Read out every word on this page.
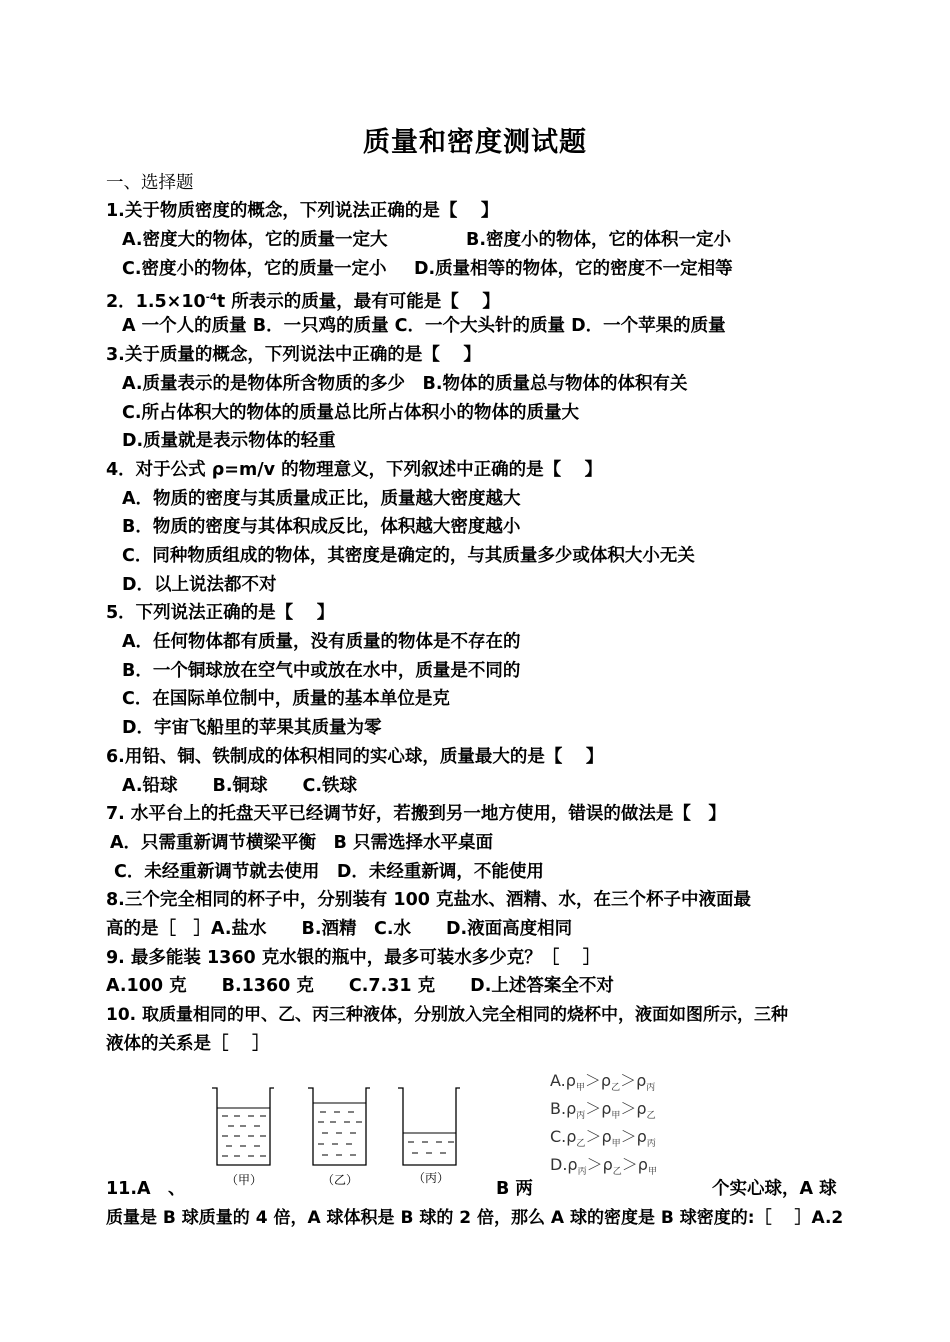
质量和密度测试题
一、选择题
1.关于物质密度的概念，下列说法正确的是【　 】
A.密度大的物体，它的质量一定大	B.密度小的物体，它的体积一定小
C.密度小的物体，它的质量一定小 D.质量相等的物体，它的密度不一定相等
2．$1.5\times 10^{-4}t$ 所表示的质量，最有可能是【　 】
A 一个人的质量 B．一只鸡的质量 C．一个大头针的质量 D．一个苹果的质量
3.关于质量的概念，下列说法中正确的是【　 】
A.质量表示的是物体所含物质的多少　B.物体的质量总与物体的体积有关
C.所占体积大的物体的质量总比所占体积小的物体的质量大
D.质量就是表示物体的轻重
4．对于公式 ρ=m/v 的物理意义，下列叙述中正确的是【　 】
A．物质的密度与其质量成正比，质量越大密度越大
B．物质的密度与其体积成反比，体积越大密度越小
C．同种物质组成的物体，其密度是确定的，与其质量多少或体积大小无关
D．以上说法都不对
5．下列说法正确的是【　 】
A．任何物体都有质量，没有质量的物体是不存在的
B．一个铜球放在空气中或放在水中，质量是不同的
C．在国际单位制中，质量的基本单位是克
D．宇宙飞船里的苹果其质量为零
6.用铅、铜、铁制成的体积相同的实心球，质量最大的是【　 】
A.铅球　　B.铜球　　C.铁球
7. 水平台上的托盘天平已经调节好，若搬到另一地方使用，错误的做法是【　】
A．只需重新调节横梁平衡　B 只需选择水平桌面
C．未经重新调节就去使用　D．未经重新调，不能使用
8.三个完全相同的杯子中，分别装有 100 克盐水、酒精、水，在三个杯子中液面最
高的是［　］A.盐水　　B.酒精　C.水　　D.液面高度相同
9. 最多能装 1360 克水银的瓶中，最多可装水多少克？［　 ］
A.100 克　　B.1360 克　　C.7.31 克　　D.上述答案全不对
10. 取质量相同的甲、乙、丙三种液体，分别放入完全相同的烧杯中，液面如图所示，三种
液体的关系是［　 ］
（甲）	（乙）	（丙）
$A.\rho_甲>\rho_乙>\rho_丙$
$B.\rho_丙>\rho_甲>\rho_乙$
$C.\rho_乙>\rho_甲>\rho_丙$
$D.\rho_丙>\rho_乙>\rho_甲$
11.A　、	B 两	个实心球，A 球
质量是 B 球质量的 4 倍，A 球体积是 B 球的 2 倍，那么 A 球的密度是 B 球密度的:［　 ］A.2
